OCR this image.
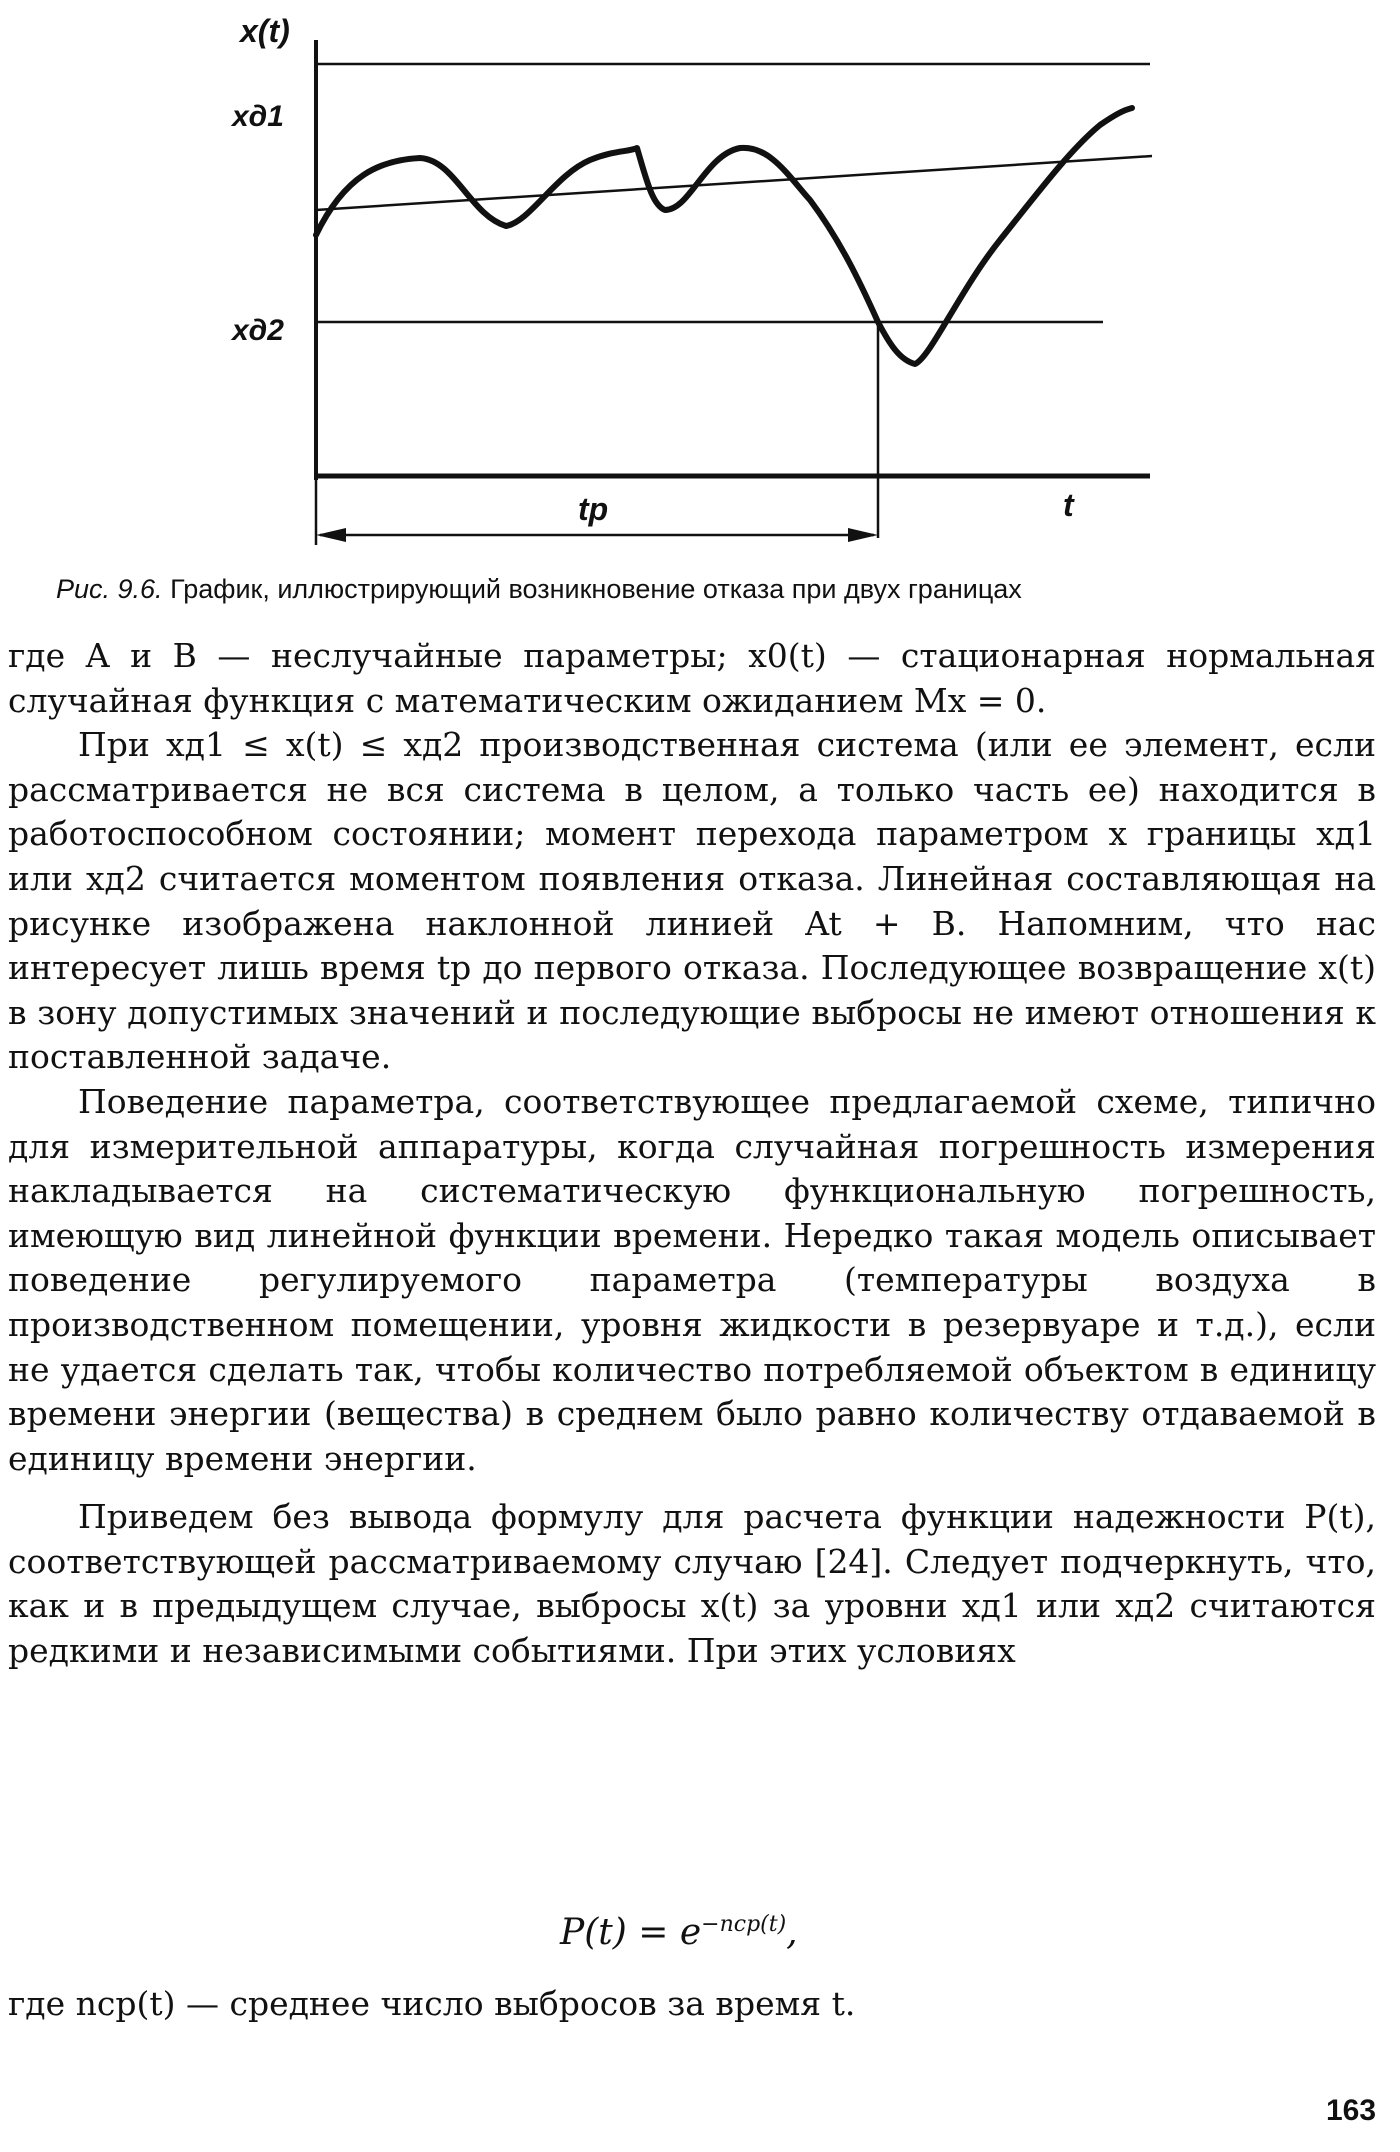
x(t)
xд1
xд2
tр	t
Рис. 9.6. График, иллюстрирующий возникновение отказа при двух границах

где A и B — неслучайные параметры; x0(t) — стационарная нормальная случайная функция с математическим ожиданием Mx = 0.

При xд1 ≤ x(t) ≤ xд2 производственная система (или ее элемент, если рассматривается не вся система в целом, а только часть ее) находится в работоспособном состоянии; момент перехода параметром x границы xд1 или xд2 считается моментом появления отказа. Линейная составляющая на рисунке изображена наклонной линией At + B. Напомним, что нас интересует лишь время tр до первого отказа. Последующее возвращение x(t) в зону допустимых значений и последующие выбросы не имеют отношения к поставленной задаче.

Поведение параметра, соответствующее предлагаемой схеме, типично для измерительной аппаратуры, когда случайная погрешность измерения накладывается на систематическую функциональную погрешность, имеющую вид линейной функции времени. Нередко такая модель описывает поведение регулируемого параметра (температуры воздуха в производственном помещении, уровня жидкости в резервуаре и т.д.), если не удается сделать так, чтобы количество потребляемой объектом в единицу времени энергии (вещества) в среднем было равно количеству отдаваемой в единицу времени энергии.

Приведем без вывода формулу для расчета функции надежности P(t), соответствующей рассматриваемому случаю [24]. Следует подчеркнуть, что, как и в предыдущем случае, выбросы x(t) за уровни xд1 или xд2 считаются редкими и независимыми событиями. При этих условиях

$P(t) = e^{-nср(t)}$,
где nср(t) — среднее число выбросов за время t.
163
